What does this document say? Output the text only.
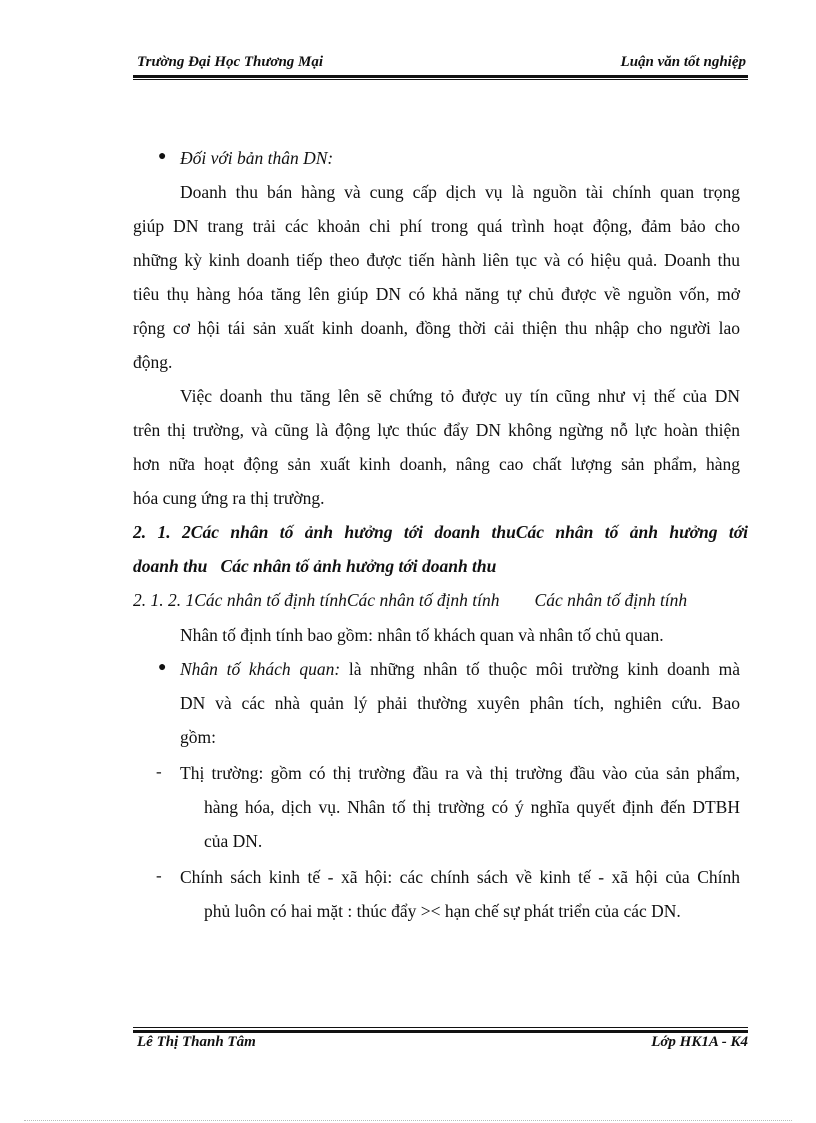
Trường Đại Học Thương Mại	Luận văn tốt nghiệp
● Đối với bản thân DN:
Doanh thu bán hàng và cung cấp dịch vụ là nguồn tài chính quan trọng
giúp DN trang trải các khoản chi phí trong quá trình hoạt động, đảm bảo cho
những kỳ kinh doanh tiếp theo được tiến hành liên tục và có hiệu quả. Doanh thu
tiêu thụ hàng hóa tăng lên giúp DN có khả năng tự chủ được về nguồn vốn, mở
rộng cơ hội tái sản xuất kinh doanh, đồng thời cải thiện thu nhập cho người lao
động.
Việc doanh thu tăng lên sẽ chứng tỏ được uy tín cũng như vị thế của DN
trên thị trường, và cũng là động lực thúc đẩy DN không ngừng nỗ lực hoàn thiện
hơn nữa hoạt động sản xuất kinh doanh, nâng cao chất lượng sản phẩm, hàng
hóa cung ứng ra thị trường.
2. 1. 2Các nhân tố ảnh hưởng tới doanh thuCác nhân tố ảnh hưởng tới
doanh thu   Các nhân tố ảnh hưởng tới doanh thu
2. 1. 2. 1Các nhân tố định tínhCác nhân tố định tính        Các nhân tố định tính
Nhân tố định tính bao gồm: nhân tố khách quan và nhân tố chủ quan.
● Nhân tố khách quan: là những nhân tố thuộc môi trường kinh doanh mà
DN và các nhà quản lý phải thường xuyên phân tích, nghiên cứu. Bao
gồm:
- Thị trường: gồm có thị trường đầu ra và thị trường đầu vào của sản phẩm,
hàng hóa, dịch vụ. Nhân tố thị trường có ý nghĩa quyết định đến DTBH
của DN.
- Chính sách kinh tế - xã hội: các chính sách về kinh tế - xã hội của Chính
phủ luôn có hai mặt : thúc đẩy >< hạn chế sự phát triển của các DN.
Lê Thị Thanh Tâm	Lớp HK1A - K4
